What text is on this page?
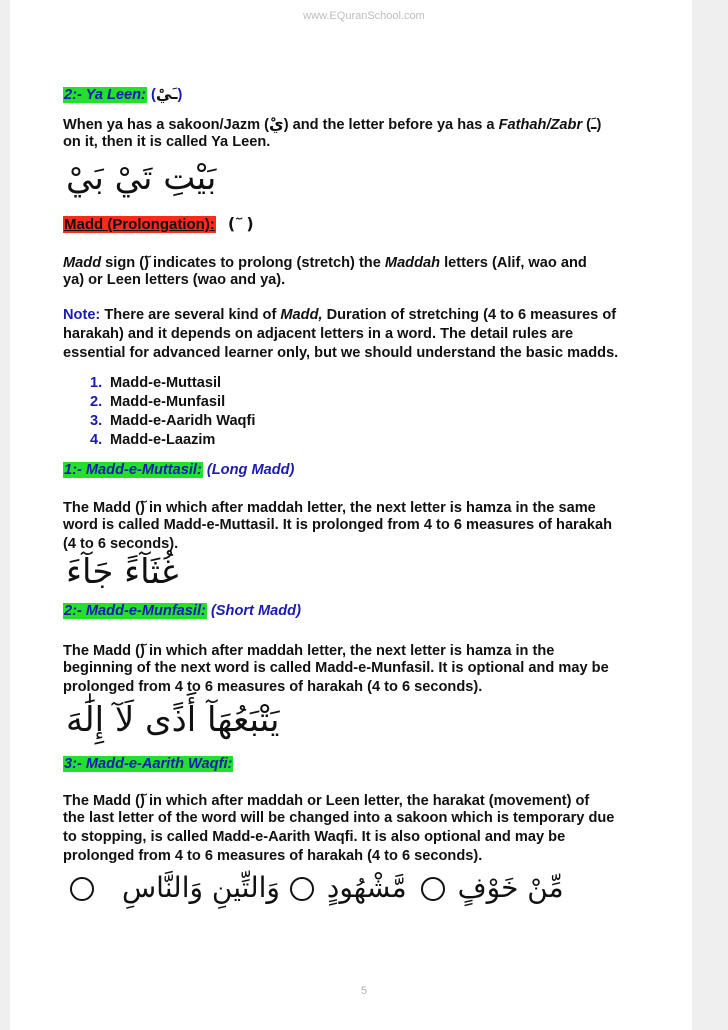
www.EQuranSchool.com
2:- Ya Leen: (ـَيْ)
When ya has a sakoon/Jazm (يْ) and the letter before ya has a Fathah/Zabr (ـَ)
on it, then it is called Ya Leen.
بَيْتِ تَيْ بَيْ
Madd (Prolongation): ( ٓ )
Madd sign () indicates to prolong (stretch) the Maddah letters (Alif, wao and
ya) or Leen letters (wao and ya).
Note: There are several kind of Madd, Duration of stretching (4 to 6 measures of
harakah) and it depends on adjacent letters in a word. The detail rules are
essential for advanced learner only, but we should understand the basic madds.
1. Madd-e-Muttasil
2. Madd-e-Munfasil
3. Madd-e-Aaridh Waqfi
4. Madd-e-Laazim
1:- Madd-e-Muttasil: (Long Madd)
The Madd () in which after maddah letter, the next letter is hamza in the same
word is called Madd-e-Muttasil. It is prolonged from 4 to 6 measures of harakah
(4 to 6 seconds).
غُثَآءً جَآءَ
2:- Madd-e-Munfasil: (Short Madd)
The Madd () in which after maddah letter, the next letter is hamza in the
beginning of the next word is called Madd-e-Munfasil. It is optional and may be
prolonged from 4 to 6 measures of harakah (4 to 6 seconds).
يَتْبَعُهَآ أَذًى لَآ إِلَٰهَ
3:- Madd-e-Aarith Waqfi:
The Madd () in which after maddah or Leen letter, the harakat (movement) of
the last letter of the word will be changed into a sakoon which is temporary due
to stopping, is called Madd-e-Aarith Waqfi. It is also optional and may be
prolonged from 4 to 6 measures of harakah (4 to 6 seconds).
مِّنْ خَوْفٍ مَّشْهُودٍ وَالتِّينِ وَالنَّاسِ
5
